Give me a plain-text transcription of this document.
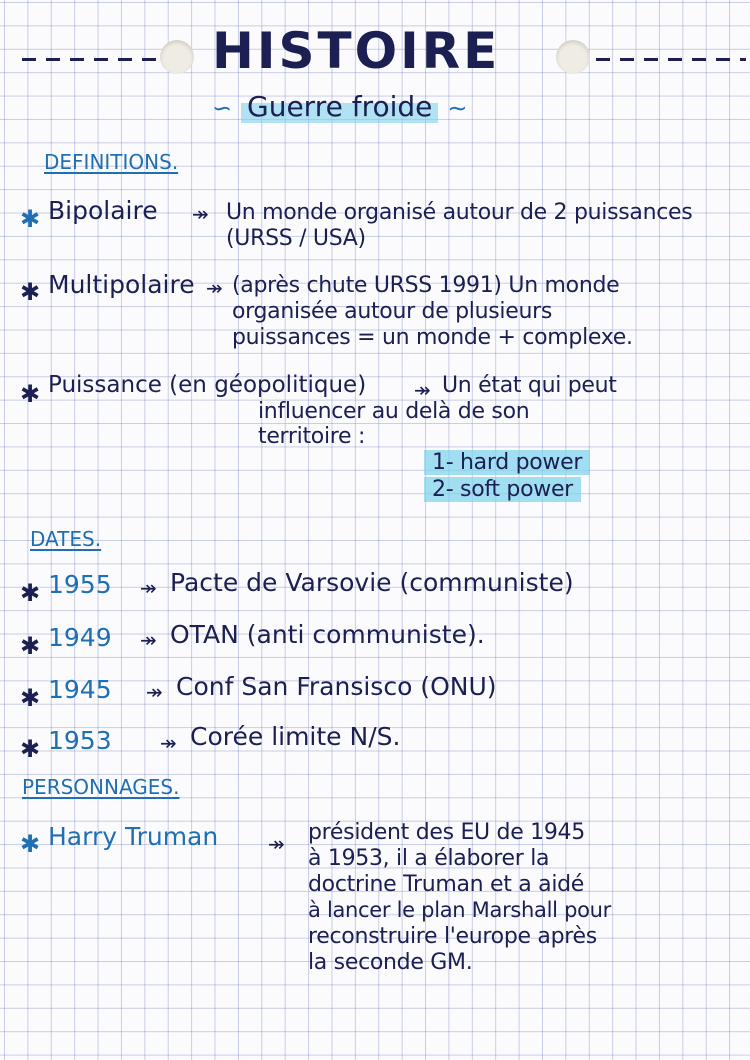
HISTOIRE
∽ Guerre froide ∼
DEFINITIONS.
✱ Bipolaire ↠ Un monde organisé autour de 2 puissances
(URSS / USA)
✱ Multipolaire ↠ (après chute URSS 1991) Un monde
organisée autour de plusieurs
puissances = un monde + complexe.
✱ Puissance (en géopolitique) ↠ Un état qui peut
influencer au delà de son
territoire :
1- hard power
2- soft power
DATES.
✱ 1955 ↠ Pacte de Varsovie (communiste)
✱ 1949 ↠ OTAN (anti communiste).
✱ 1945 ↠ Conf San Fransisco (ONU)
✱ 1953 ↠ Corée limite N/S.
PERSONNAGES.
✱ Harry Truman ↠ président des EU de 1945
à 1953, il a élaborer la
doctrine Truman et a aidé
à lancer le plan Marshall pour
reconstruire l'europe après
la seconde GM.
